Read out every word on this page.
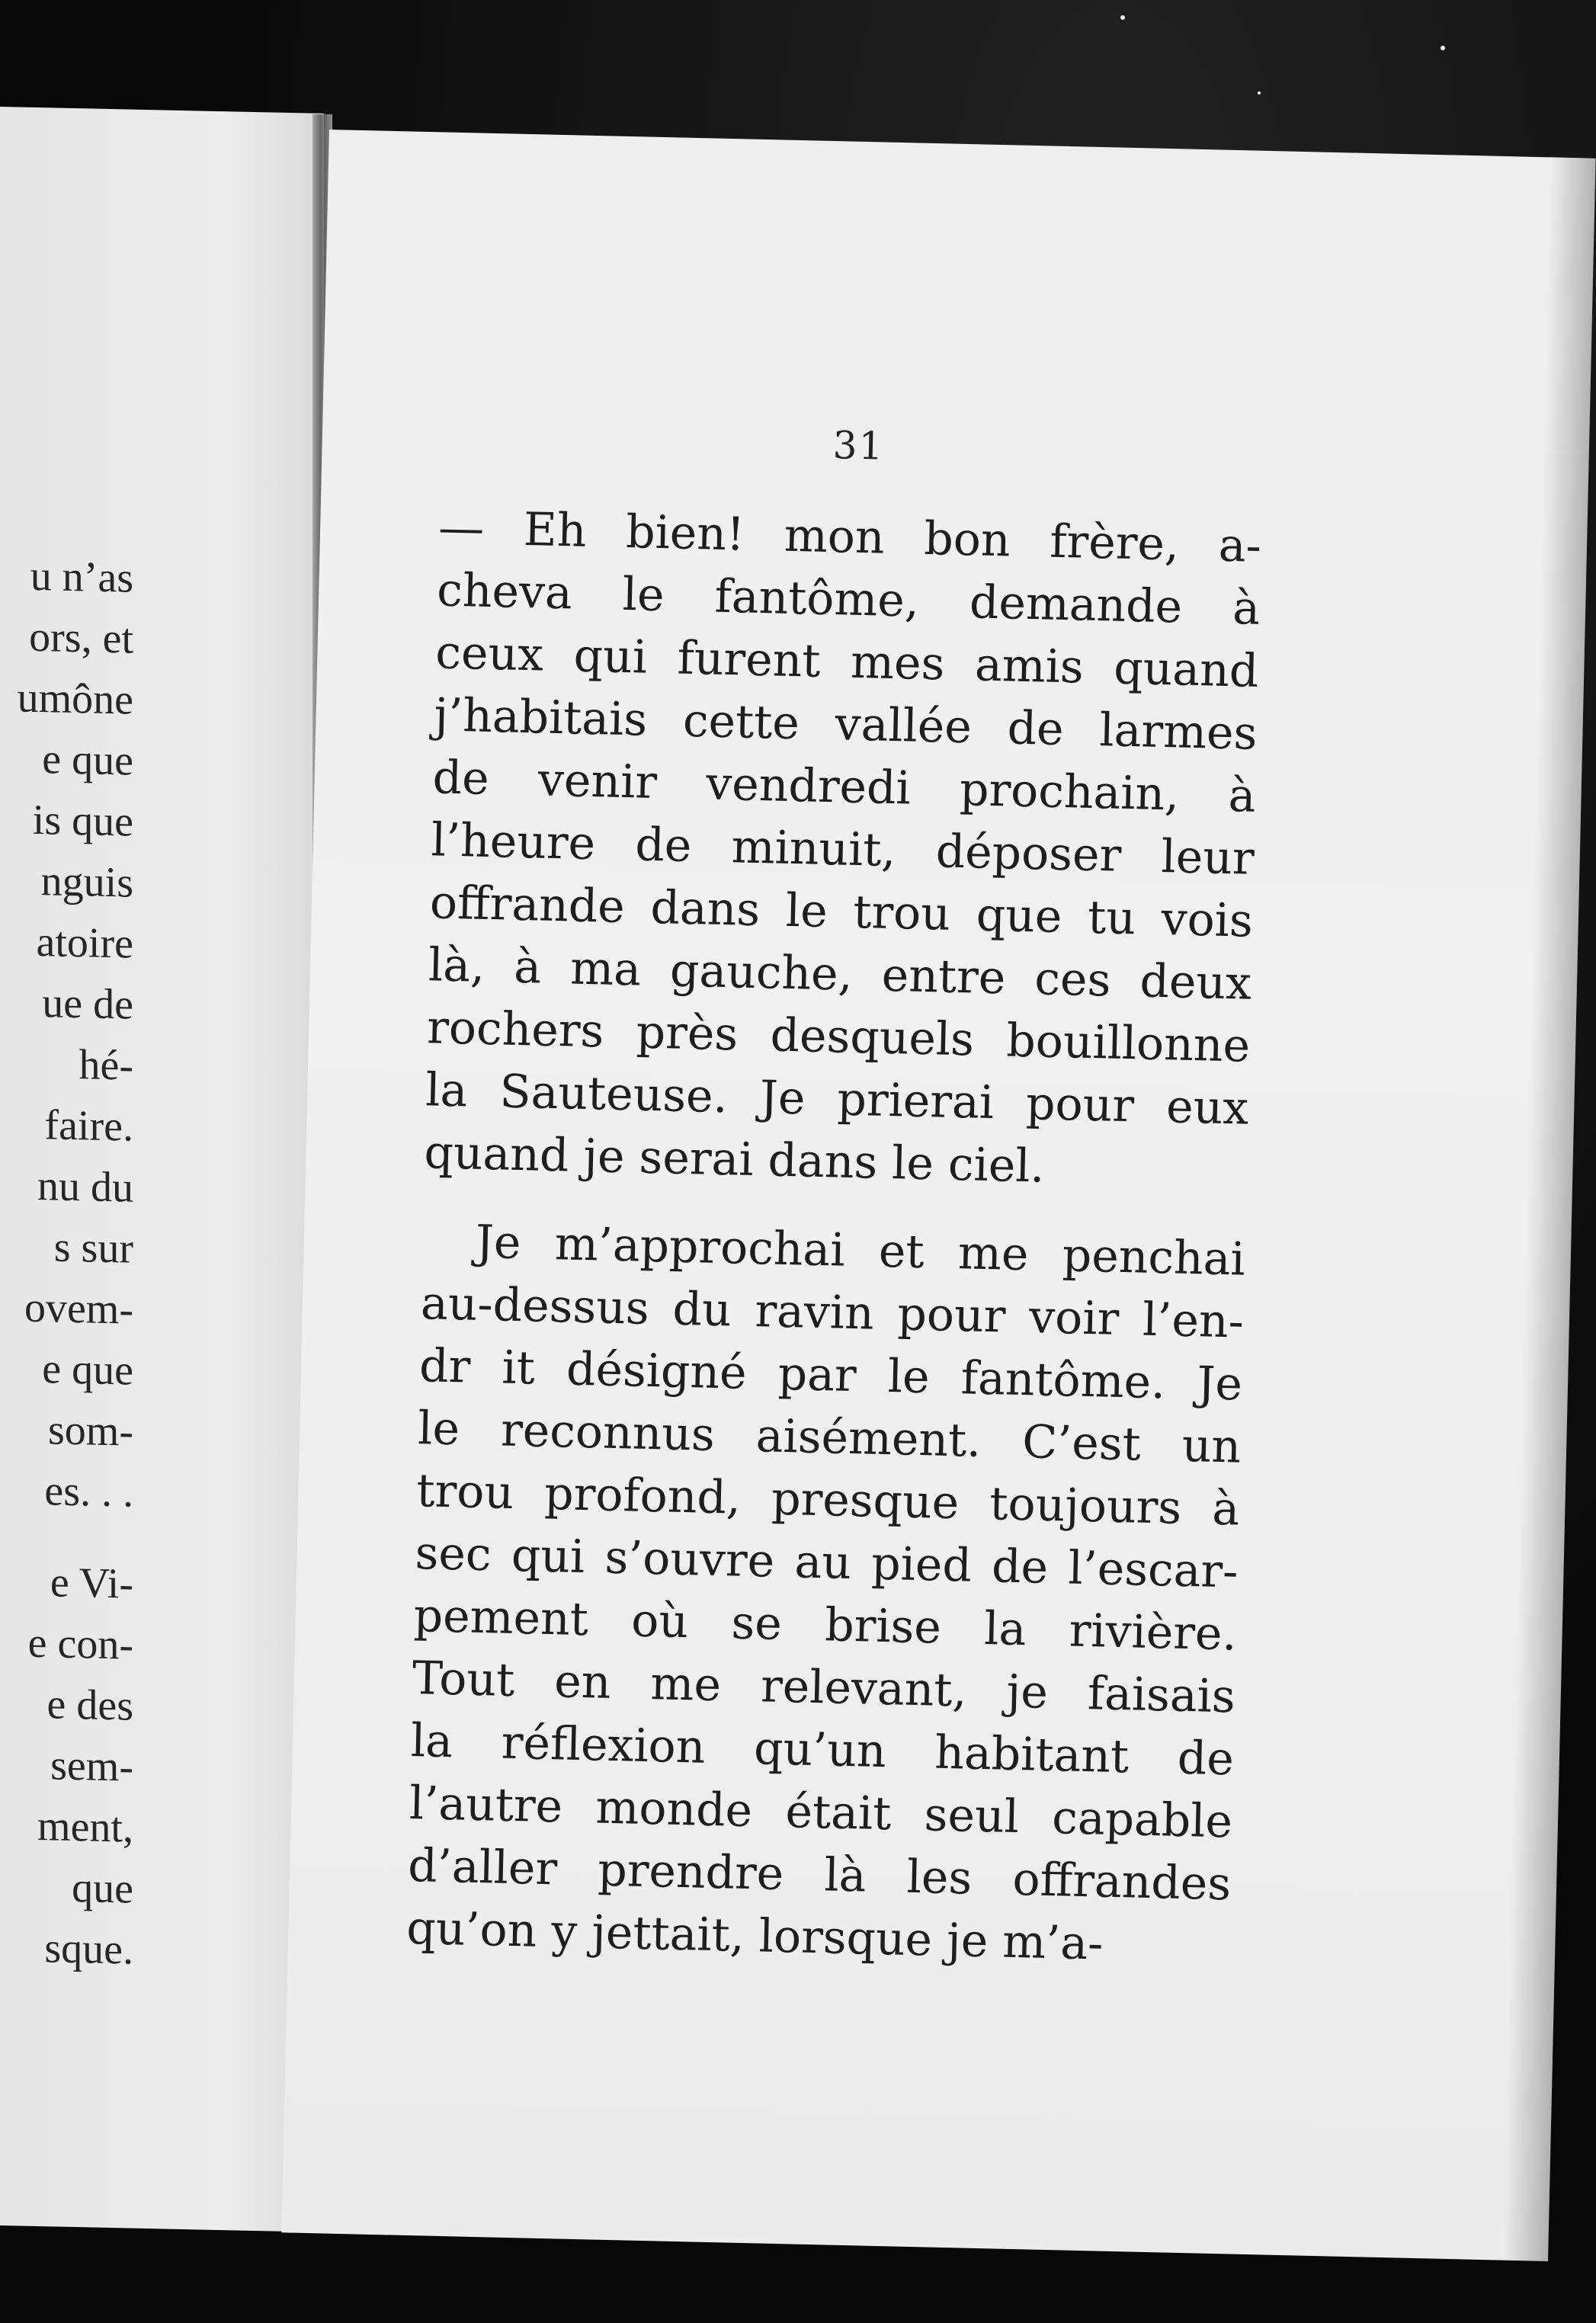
u n’as
ors, et
umône
e que
is que
nguis
atoire
ue de
hé-
faire.
nu du
s sur
ovem-
e que
som-
es. . .
e Vi-
e con-
e des
sem-
ment,
que
sque.
31
— Eh bien! mon bon frère, a-
cheva le fantôme, demande à
ceux qui furent mes amis quand
j’habitais cette vallée de larmes
de venir vendredi prochain, à
l’heure de minuit, déposer leur
offrande dans le trou que tu vois
là, à ma gauche, entre ces deux
rochers près desquels bouillonne
la Sauteuse. Je prierai pour eux
quand je serai dans le ciel.
Je m’approchai et me penchai
au-dessus du ravin pour voir l’en-
dr it désigné par le fantôme. Je
le reconnus aisément. C’est un
trou profond, presque toujours à
sec qui s’ouvre au pied de l’escar-
pement où se brise la rivière.
Tout en me relevant, je faisais
la réflexion qu’un habitant de
l’autre monde était seul capable
d’aller prendre là les offrandes
qu’on y jettait, lorsque je m’a-
